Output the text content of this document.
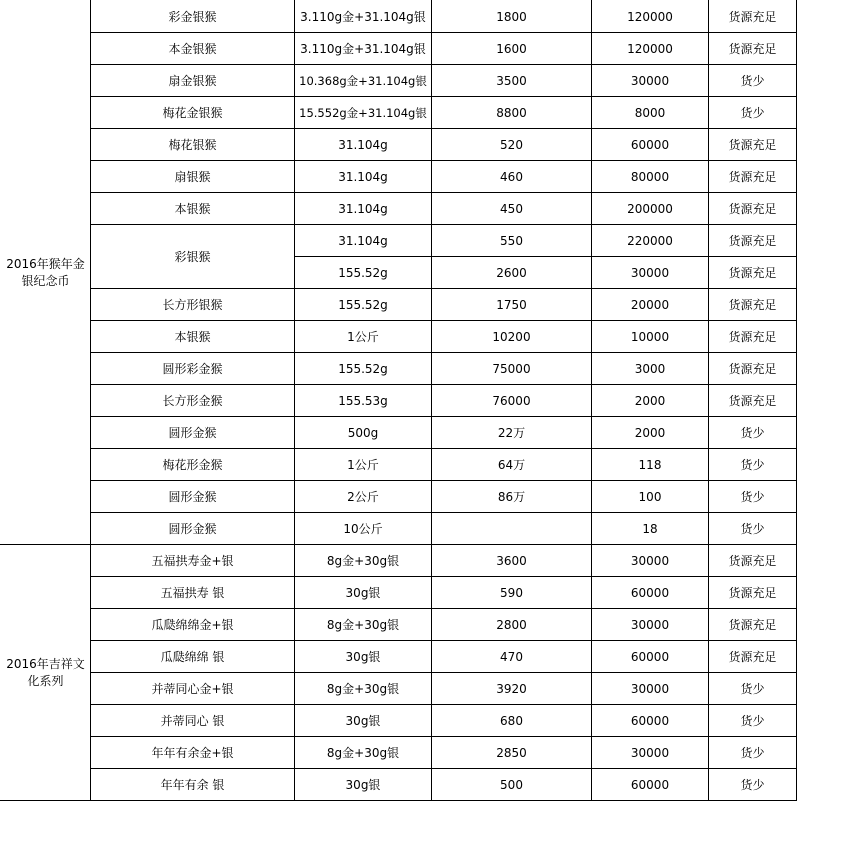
2016年猴年金银纪念币	彩金银猴	3.110g金+31.104g银	1800	120000	货源充足
	本金银猴	3.110g金+31.104g银	1600	120000	货源充足
	扇金银猴	10.368g金+31.104g银	3500	30000	货少
	梅花金银猴	15.552g金+31.104g银	8800	8000	货少
	梅花银猴	31.104g	520	60000	货源充足
	扇银猴	31.104g	460	80000	货源充足
	本银猴	31.104g	450	200000	货源充足
	彩银猴	31.104g	550	220000	货源充足
		155.52g	2600	30000	货源充足
	长方形银猴	155.52g	1750	20000	货源充足
	本银猴	1公斤	10200	10000	货源充足
	圆形彩金猴	155.52g	75000	3000	货源充足
	长方形金猴	155.53g	76000	2000	货源充足
	圆形金猴	500g	22万	2000	货少
	梅花形金猴	1公斤	64万	118	货少
	圆形金猴	2公斤	86万	100	货少
	圆形金猴	10公斤		18	货少
2016年吉祥文化系列	五福拱寿金+银	8g金+30g银	3600	30000	货源充足
	五福拱寿 银	30g银	590	60000	货源充足
	瓜瓞绵绵金+银	8g金+30g银	2800	30000	货源充足
	瓜瓞绵绵 银	30g银	470	60000	货源充足
	并蒂同心金+银	8g金+30g银	3920	30000	货少
	并蒂同心 银	30g银	680	60000	货少
	年年有余金+银	8g金+30g银	2850	30000	货少
	年年有余 银	30g银	500	60000	货少
